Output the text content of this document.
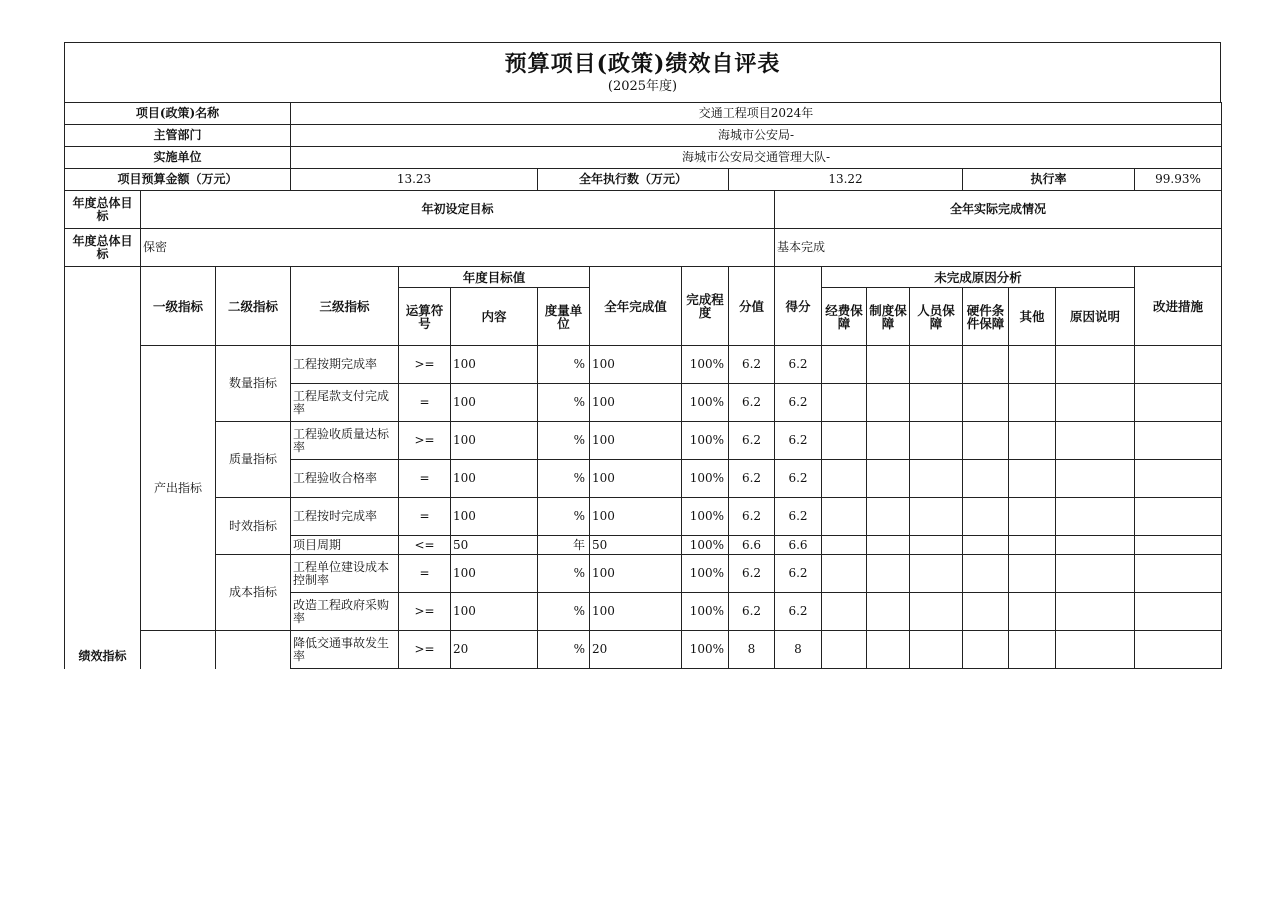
预算项目(政策)绩效自评表
(2025年度)
项目(政策)名称			交通工程项目2024年														
主管部门			海城市公安局-														
实施单位			海城市公安局交通管理大队-														
项目预算金额（万元）			13.23			全年执行数（万元）			13.22					执行率			99.93%
年度总体目标	年初设定目标									全年实际完成情况							
年度总体目标	保密									基本完成							
绩效指标	一级指标	二级指标	三级指标	年度目标值			全年完成值	完成程度	分值	得分	未完成原因分析						改进措施
				运算符号	内容	度量单位					经费保障	制度保障	人员保障	硬件条件保障	其他	原因说明	
	产出指标	数量指标	工程按期完成率	>=	100	%	100	100%	6.2	6.2							
			工程尾款支付完成率	=	100	%	100	100%	6.2	6.2							
		质量指标	工程验收质量达标率	>=	100	%	100	100%	6.2	6.2							
			工程验收合格率	=	100	%	100	100%	6.2	6.2							
		时效指标	工程按时完成率	=	100	%	100	100%	6.2	6.2							
			项目周期	<=	50	年	50	100%	6.6	6.6							
		成本指标	工程单位建设成本控制率	=	100	%	100	100%	6.2	6.2							
			改造工程政府采购率	>=	100	%	100	100%	6.2	6.2							
			降低交通事故发生率	>=	20	%	20	100%	8	8							
